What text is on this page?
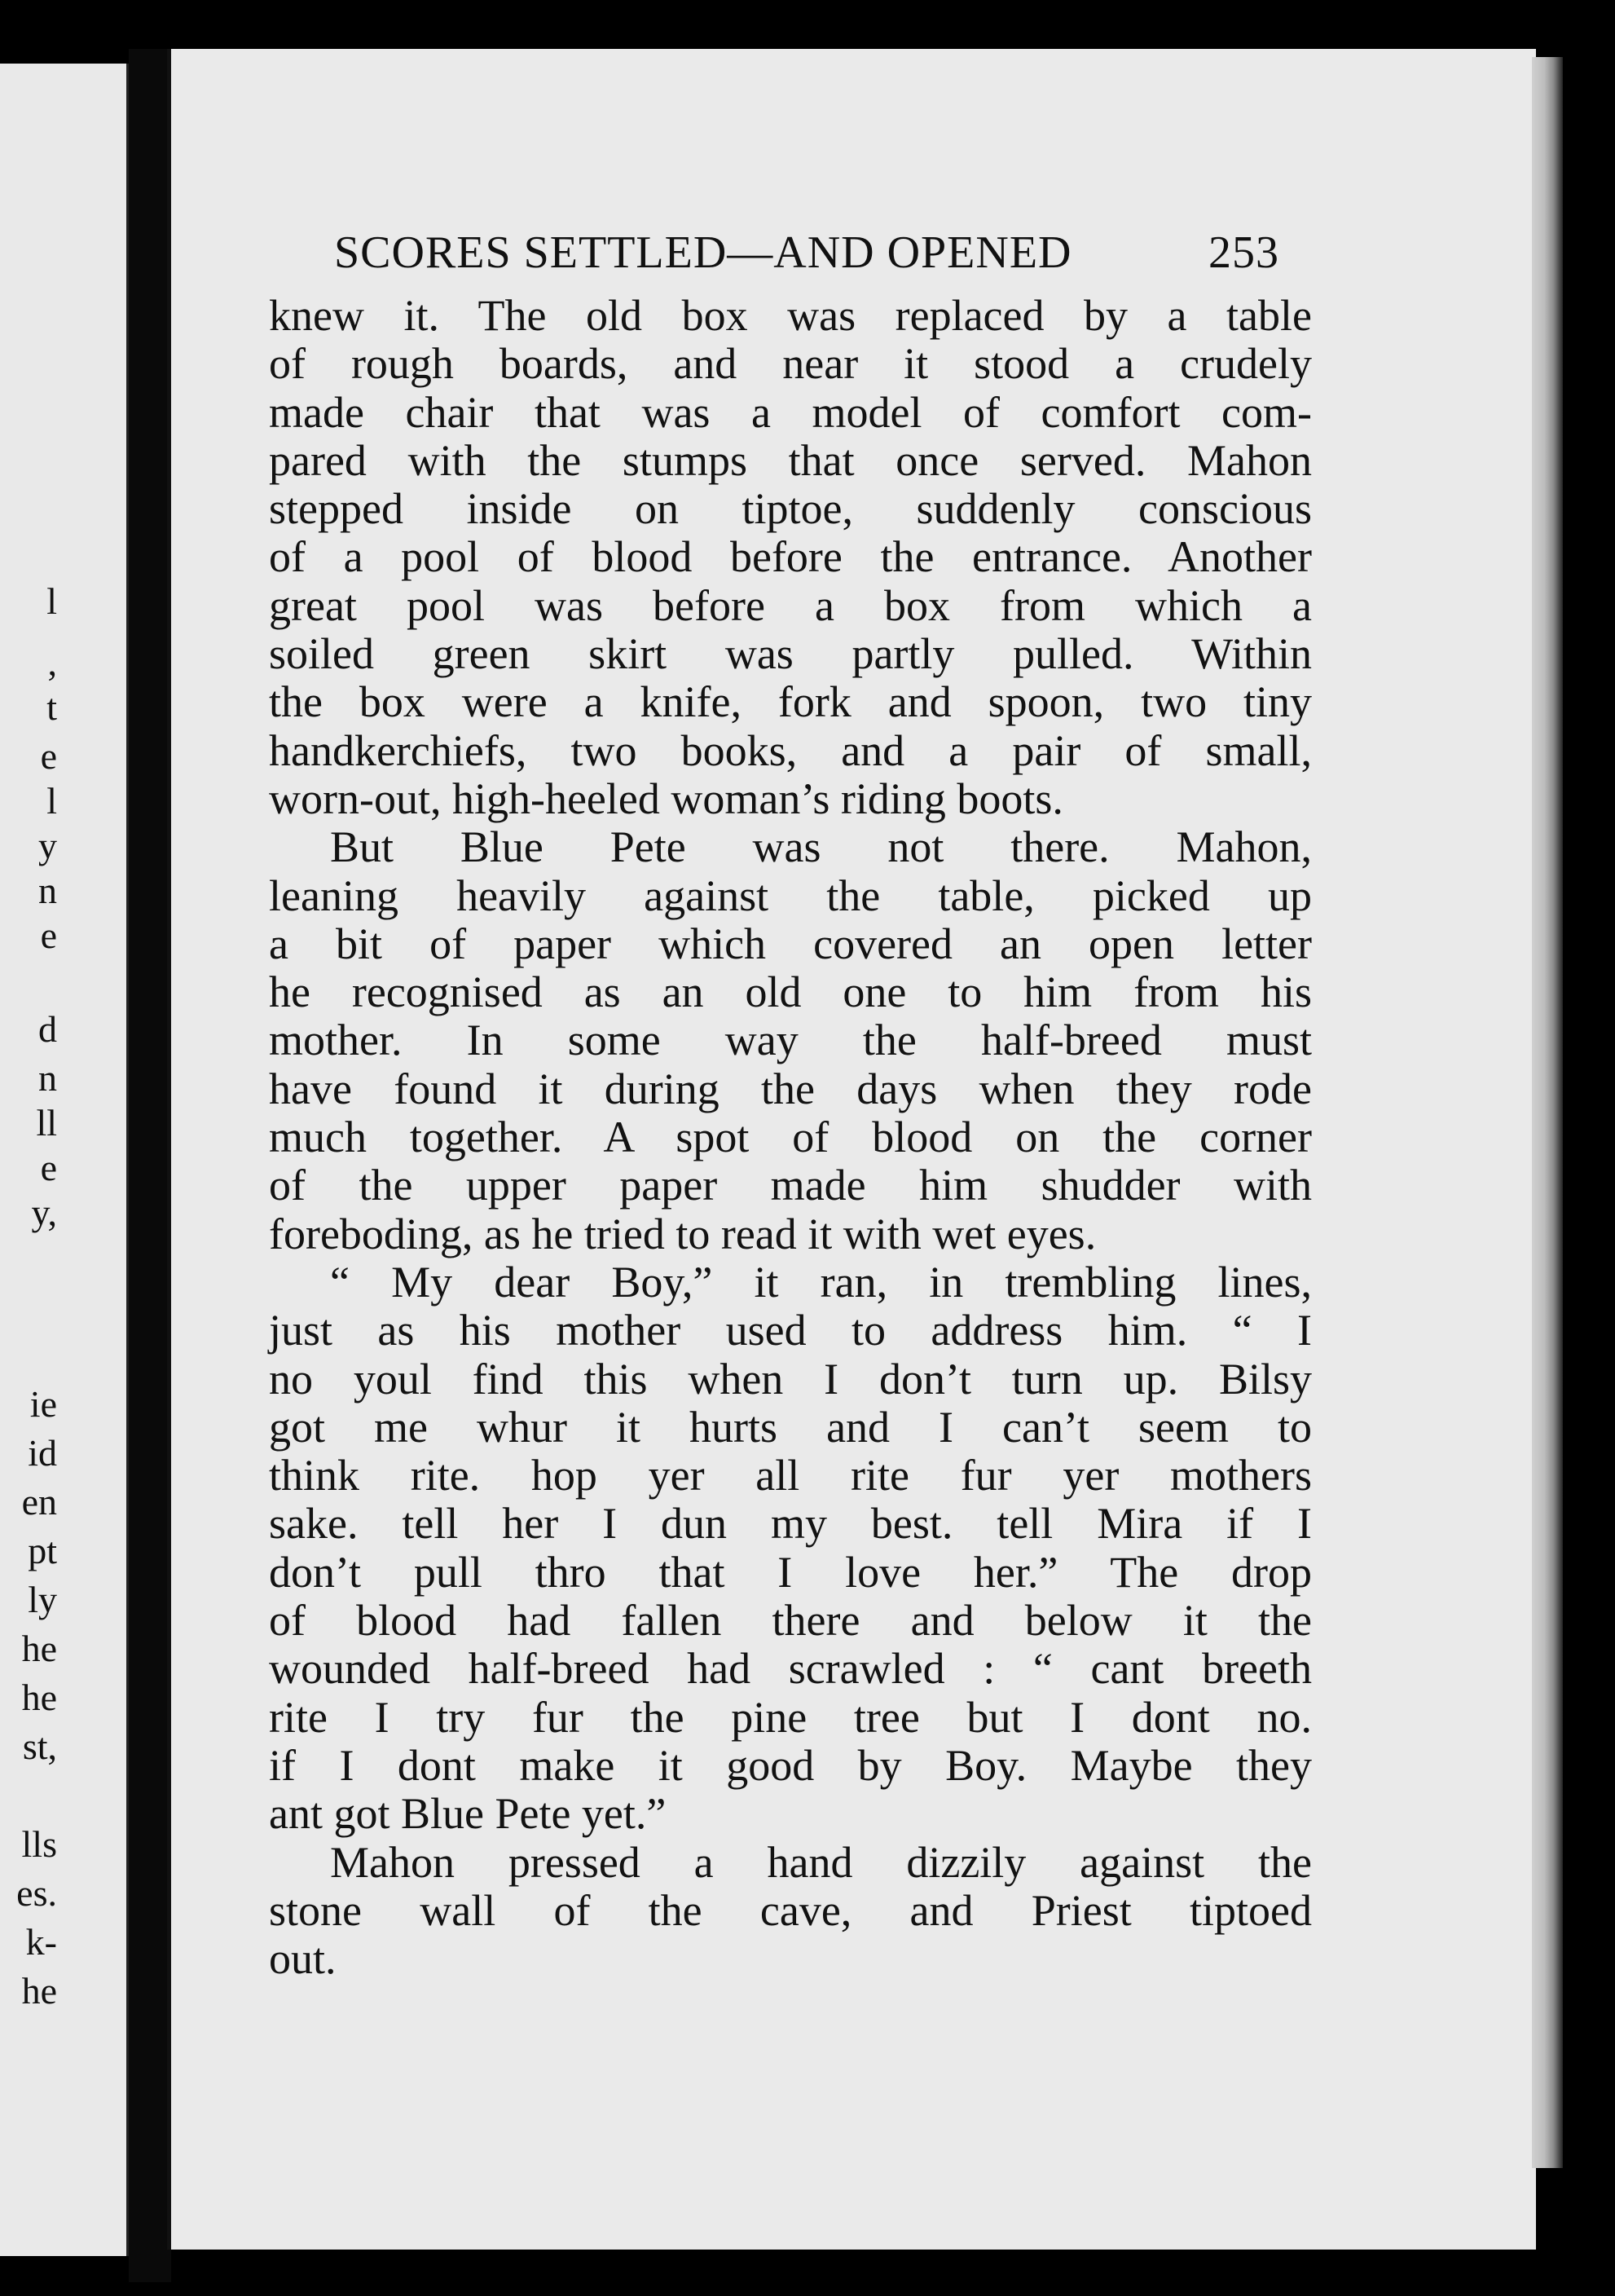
l
,
t
e
l
y
n
e
d
n
ll
e
y,
ie
id
en
pt
ly
he
he
st,
lls
es.
k-
he
SCORES SETTLED—AND OPENED	253
knew it. The old box was replaced by a table
of rough boards, and near it stood a crudely
made chair that was a model of comfort com-
pared with the stumps that once served. Mahon
stepped inside on tiptoe, suddenly conscious
of a pool of blood before the entrance. Another
great pool was before a box from which a
soiled green skirt was partly pulled. Within
the box were a knife, fork and spoon, two tiny
handkerchiefs, two books, and a pair of small,
worn-out, high-heeled woman’s riding boots.
But Blue Pete was not there. Mahon,
leaning heavily against the table, picked up
a bit of paper which covered an open letter
he recognised as an old one to him from his
mother. In some way the half-breed must
have found it during the days when they rode
much together. A spot of blood on the corner
of the upper paper made him shudder with
foreboding, as he tried to read it with wet eyes.
“ My dear Boy,” it ran, in trembling lines,
just as his mother used to address him. “ I
no youl find this when I don’t turn up. Bilsy
got me whur it hurts and I can’t seem to
think rite. hop yer all rite fur yer mothers
sake. tell her I dun my best. tell Mira if I
don’t pull thro that I love her.” The drop
of blood had fallen there and below it the
wounded half-breed had scrawled : “ cant breeth
rite I try fur the pine tree but I dont no.
if I dont make it good by Boy. Maybe they
ant got Blue Pete yet.”
Mahon pressed a hand dizzily against the
stone wall of the cave, and Priest tiptoed
out.
